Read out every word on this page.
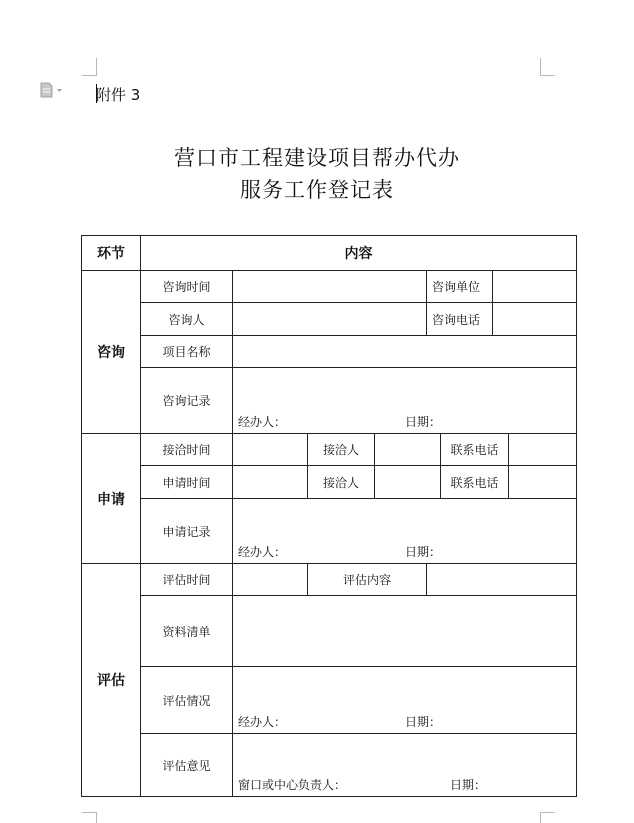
附件 3
营口市工程建设项目帮办代办
服务工作登记表
环节	内容							
咨询	咨询时间				咨询单位			
	咨询人				咨询电话			
	项目名称							
	咨询记录	经办人： 日期：						

申请	接洽时间		接洽人			联系电话		
	申请时间		接洽人			联系电话		
	申请记录	经办人： 日期：						

评估	评估时间		评估内容					
	资料清单							
	评估情况	经办人： 日期：						

	评估意见	窗口或中心负责人： 日期：						
